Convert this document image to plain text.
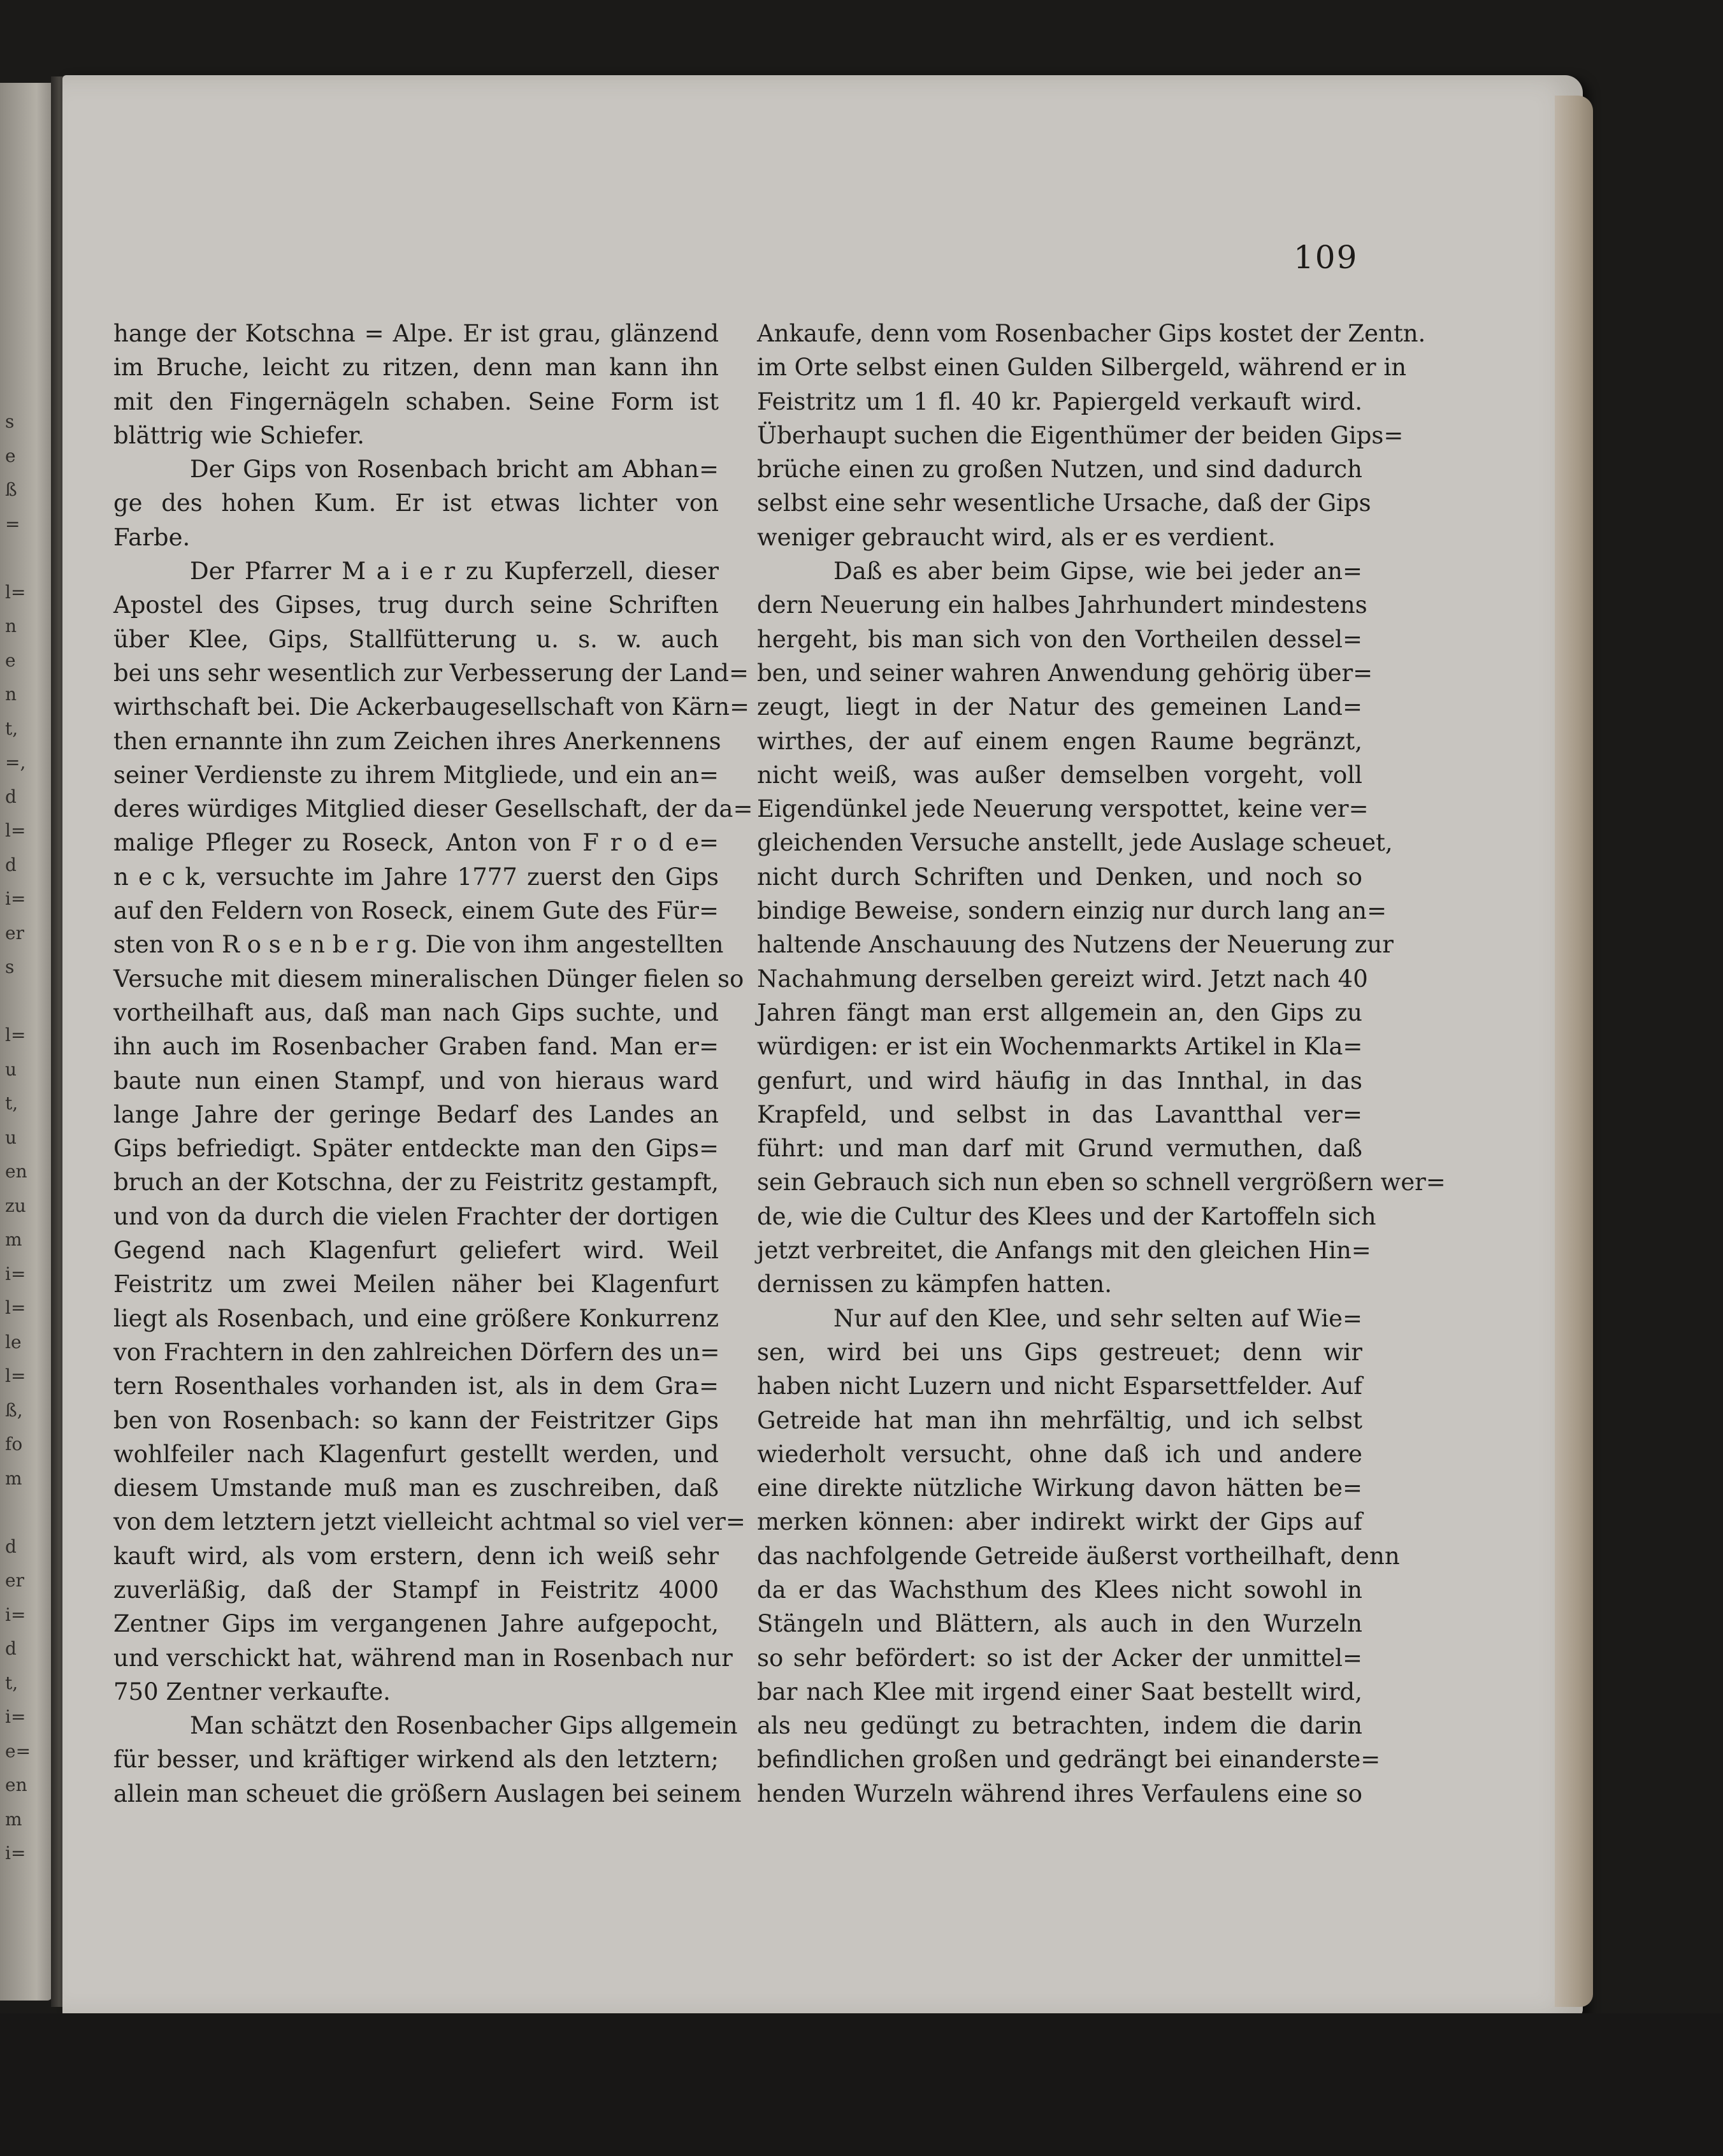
s
e
ß
=
l=
n
e
n
t,
=,
d
l=
d
i=
er
s
l=
u
t,
u
en
zu
m
i=
l=
le
l=
ß,
fo
m
d
er
i=
d
t,
i=
e=
en
m
i=
109
hange der Kotschna = Alpe. Er ist grau, glänzend
im Bruche, leicht zu ritzen, denn man kann ihn
mit den Fingernägeln schaben. Seine Form ist
blättrig wie Schiefer.
Der Gips von Rosenbach bricht am Abhan=
ge des hohen Kum. Er ist etwas lichter von
Farbe.
Der Pfarrer M a i e r zu Kupferzell, dieser
Apostel des Gipses, trug durch seine Schriften
über Klee, Gips, Stallfütterung u. s. w. auch
bei uns sehr wesentlich zur Verbesserung der Land=
wirthschaft bei. Die Ackerbaugesellschaft von Kärn=
then ernannte ihn zum Zeichen ihres Anerkennens
seiner Verdienste zu ihrem Mitgliede, und ein an=
deres würdiges Mitglied dieser Gesellschaft, der da=
malige Pfleger zu Roseck, Anton von F r o d e=
n e c k, versuchte im Jahre 1777 zuerst den Gips
auf den Feldern von Roseck, einem Gute des Für=
sten von R o s e n b e r g. Die von ihm angestellten
Versuche mit diesem mineralischen Dünger fielen so
vortheilhaft aus, daß man nach Gips suchte, und
ihn auch im Rosenbacher Graben fand. Man er=
baute nun einen Stampf, und von hieraus ward
lange Jahre der geringe Bedarf des Landes an
Gips befriedigt. Später entdeckte man den Gips=
bruch an der Kotschna, der zu Feistritz gestampft,
und von da durch die vielen Frachter der dortigen
Gegend nach Klagenfurt geliefert wird. Weil
Feistritz um zwei Meilen näher bei Klagenfurt
liegt als Rosenbach, und eine größere Konkurrenz
von Frachtern in den zahlreichen Dörfern des un=
tern Rosenthales vorhanden ist, als in dem Gra=
ben von Rosenbach: so kann der Feistritzer Gips
wohlfeiler nach Klagenfurt gestellt werden, und
diesem Umstande muß man es zuschreiben, daß
von dem letztern jetzt vielleicht achtmal so viel ver=
kauft wird, als vom erstern, denn ich weiß sehr
zuverläßig, daß der Stampf in Feistritz 4000
Zentner Gips im vergangenen Jahre aufgepocht,
und verschickt hat, während man in Rosenbach nur
750 Zentner verkaufte.
Man schätzt den Rosenbacher Gips allgemein
für besser, und kräftiger wirkend als den letztern;
allein man scheuet die größern Auslagen bei seinem
Ankaufe, denn vom Rosenbacher Gips kostet der Zentn.
im Orte selbst einen Gulden Silbergeld, während er in
Feistritz um 1 fl. 40 kr. Papiergeld verkauft wird.
Überhaupt suchen die Eigenthümer der beiden Gips=
brüche einen zu großen Nutzen, und sind dadurch
selbst eine sehr wesentliche Ursache, daß der Gips
weniger gebraucht wird, als er es verdient.
Daß es aber beim Gipse, wie bei jeder an=
dern Neuerung ein halbes Jahrhundert mindestens
hergeht, bis man sich von den Vortheilen dessel=
ben, und seiner wahren Anwendung gehörig über=
zeugt, liegt in der Natur des gemeinen Land=
wirthes, der auf einem engen Raume begränzt,
nicht weiß, was außer demselben vorgeht, voll
Eigendünkel jede Neuerung verspottet, keine ver=
gleichenden Versuche anstellt, jede Auslage scheuet,
nicht durch Schriften und Denken, und noch so
bindige Beweise, sondern einzig nur durch lang an=
haltende Anschauung des Nutzens der Neuerung zur
Nachahmung derselben gereizt wird. Jetzt nach 40
Jahren fängt man erst allgemein an, den Gips zu
würdigen: er ist ein Wochenmarkts Artikel in Kla=
genfurt, und wird häufig in das Innthal, in das
Krapfeld, und selbst in das Lavantthal ver=
führt: und man darf mit Grund vermuthen, daß
sein Gebrauch sich nun eben so schnell vergrößern wer=
de, wie die Cultur des Klees und der Kartoffeln sich
jetzt verbreitet, die Anfangs mit den gleichen Hin=
dernissen zu kämpfen hatten.
Nur auf den Klee, und sehr selten auf Wie=
sen, wird bei uns Gips gestreuet; denn wir
haben nicht Luzern und nicht Esparsettfelder. Auf
Getreide hat man ihn mehrfältig, und ich selbst
wiederholt versucht, ohne daß ich und andere
eine direkte nützliche Wirkung davon hätten be=
merken können: aber indirekt wirkt der Gips auf
das nachfolgende Getreide äußerst vortheilhaft, denn
da er das Wachsthum des Klees nicht sowohl in
Stängeln und Blättern, als auch in den Wurzeln
so sehr befördert: so ist der Acker der unmittel=
bar nach Klee mit irgend einer Saat bestellt wird,
als neu gedüngt zu betrachten, indem die darin
befindlichen großen und gedrängt bei einanderste=
henden Wurzeln während ihres Verfaulens eine so
